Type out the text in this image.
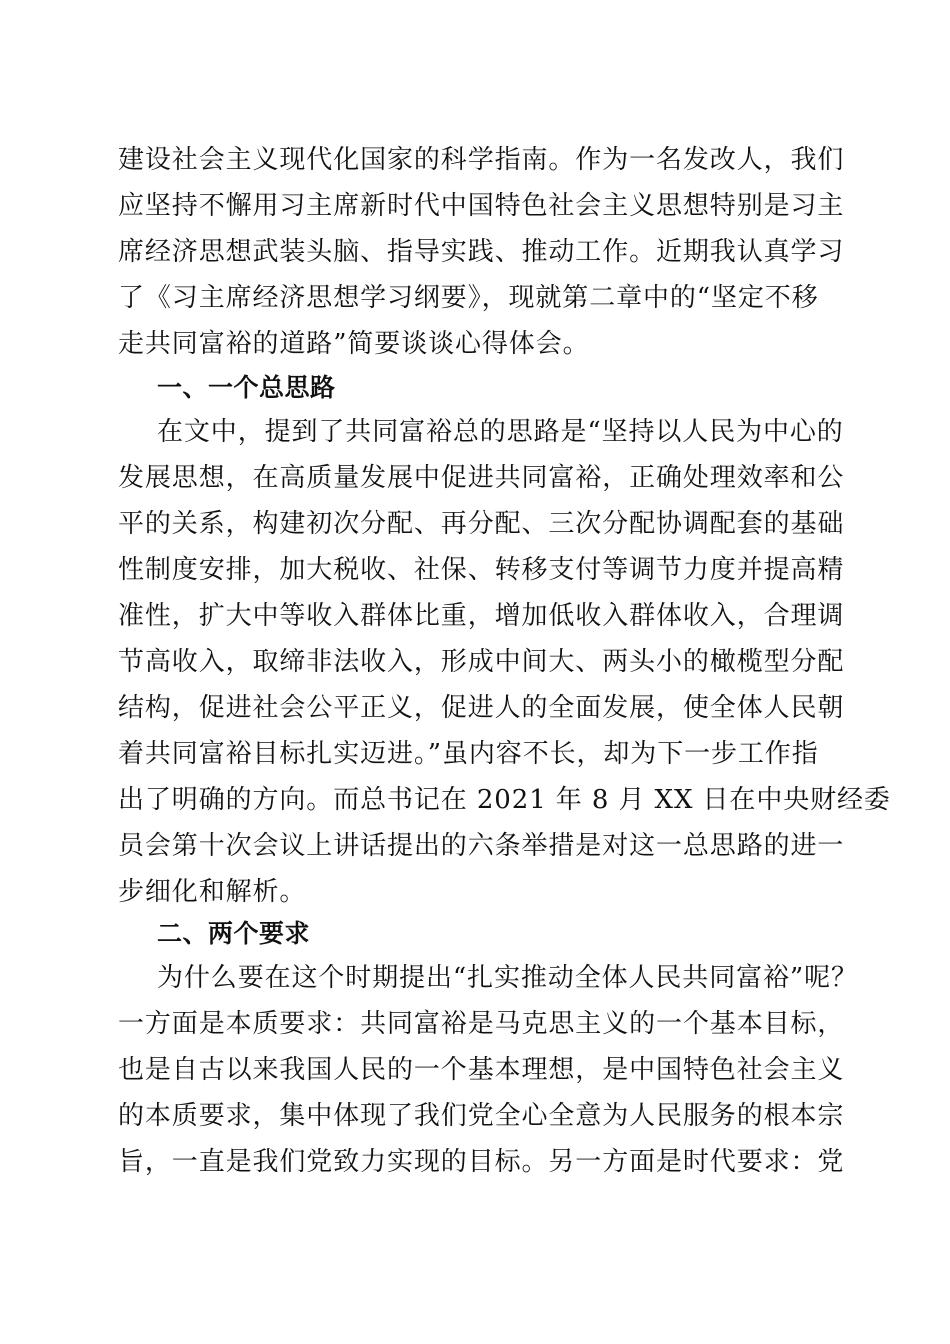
建设社会主义现代化国家的科学指南。作为一名发改人，我们
应坚持不懈用习主席新时代中国特色社会主义思想特别是习主
席经济思想武装头脑、指导实践、推动工作。近期我认真学习
了《习主席经济思想学习纲要》，现就第二章中的“坚定不移
走共同富裕的道路”简要谈谈心得体会。
一、一个总思路
在文中，提到了共同富裕总的思路是“坚持以人民为中心的
发展思想，在高质量发展中促进共同富裕，正确处理效率和公
平的关系，构建初次分配、再分配、三次分配协调配套的基础
性制度安排，加大税收、社保、转移支付等调节力度并提高精
准性，扩大中等收入群体比重，增加低收入群体收入，合理调
节高收入，取缔非法收入，形成中间大、两头小的橄榄型分配
结构，促进社会公平正义，促进人的全面发展，使全体人民朝
着共同富裕目标扎实迈进。”虽内容不长，却为下一步工作指
出了明确的方向。而总书记在 2021 年 8 月 XX 日在中央财经委
员会第十次会议上讲话提出的六条举措是对这一总思路的进一
步细化和解析。
二、两个要求
为什么要在这个时期提出“扎实推动全体人民共同富裕”呢？
一方面是本质要求：共同富裕是马克思主义的一个基本目标，
也是自古以来我国人民的一个基本理想，是中国特色社会主义
的本质要求，集中体现了我们党全心全意为人民服务的根本宗
旨，一直是我们党致力实现的目标。另一方面是时代要求：党
